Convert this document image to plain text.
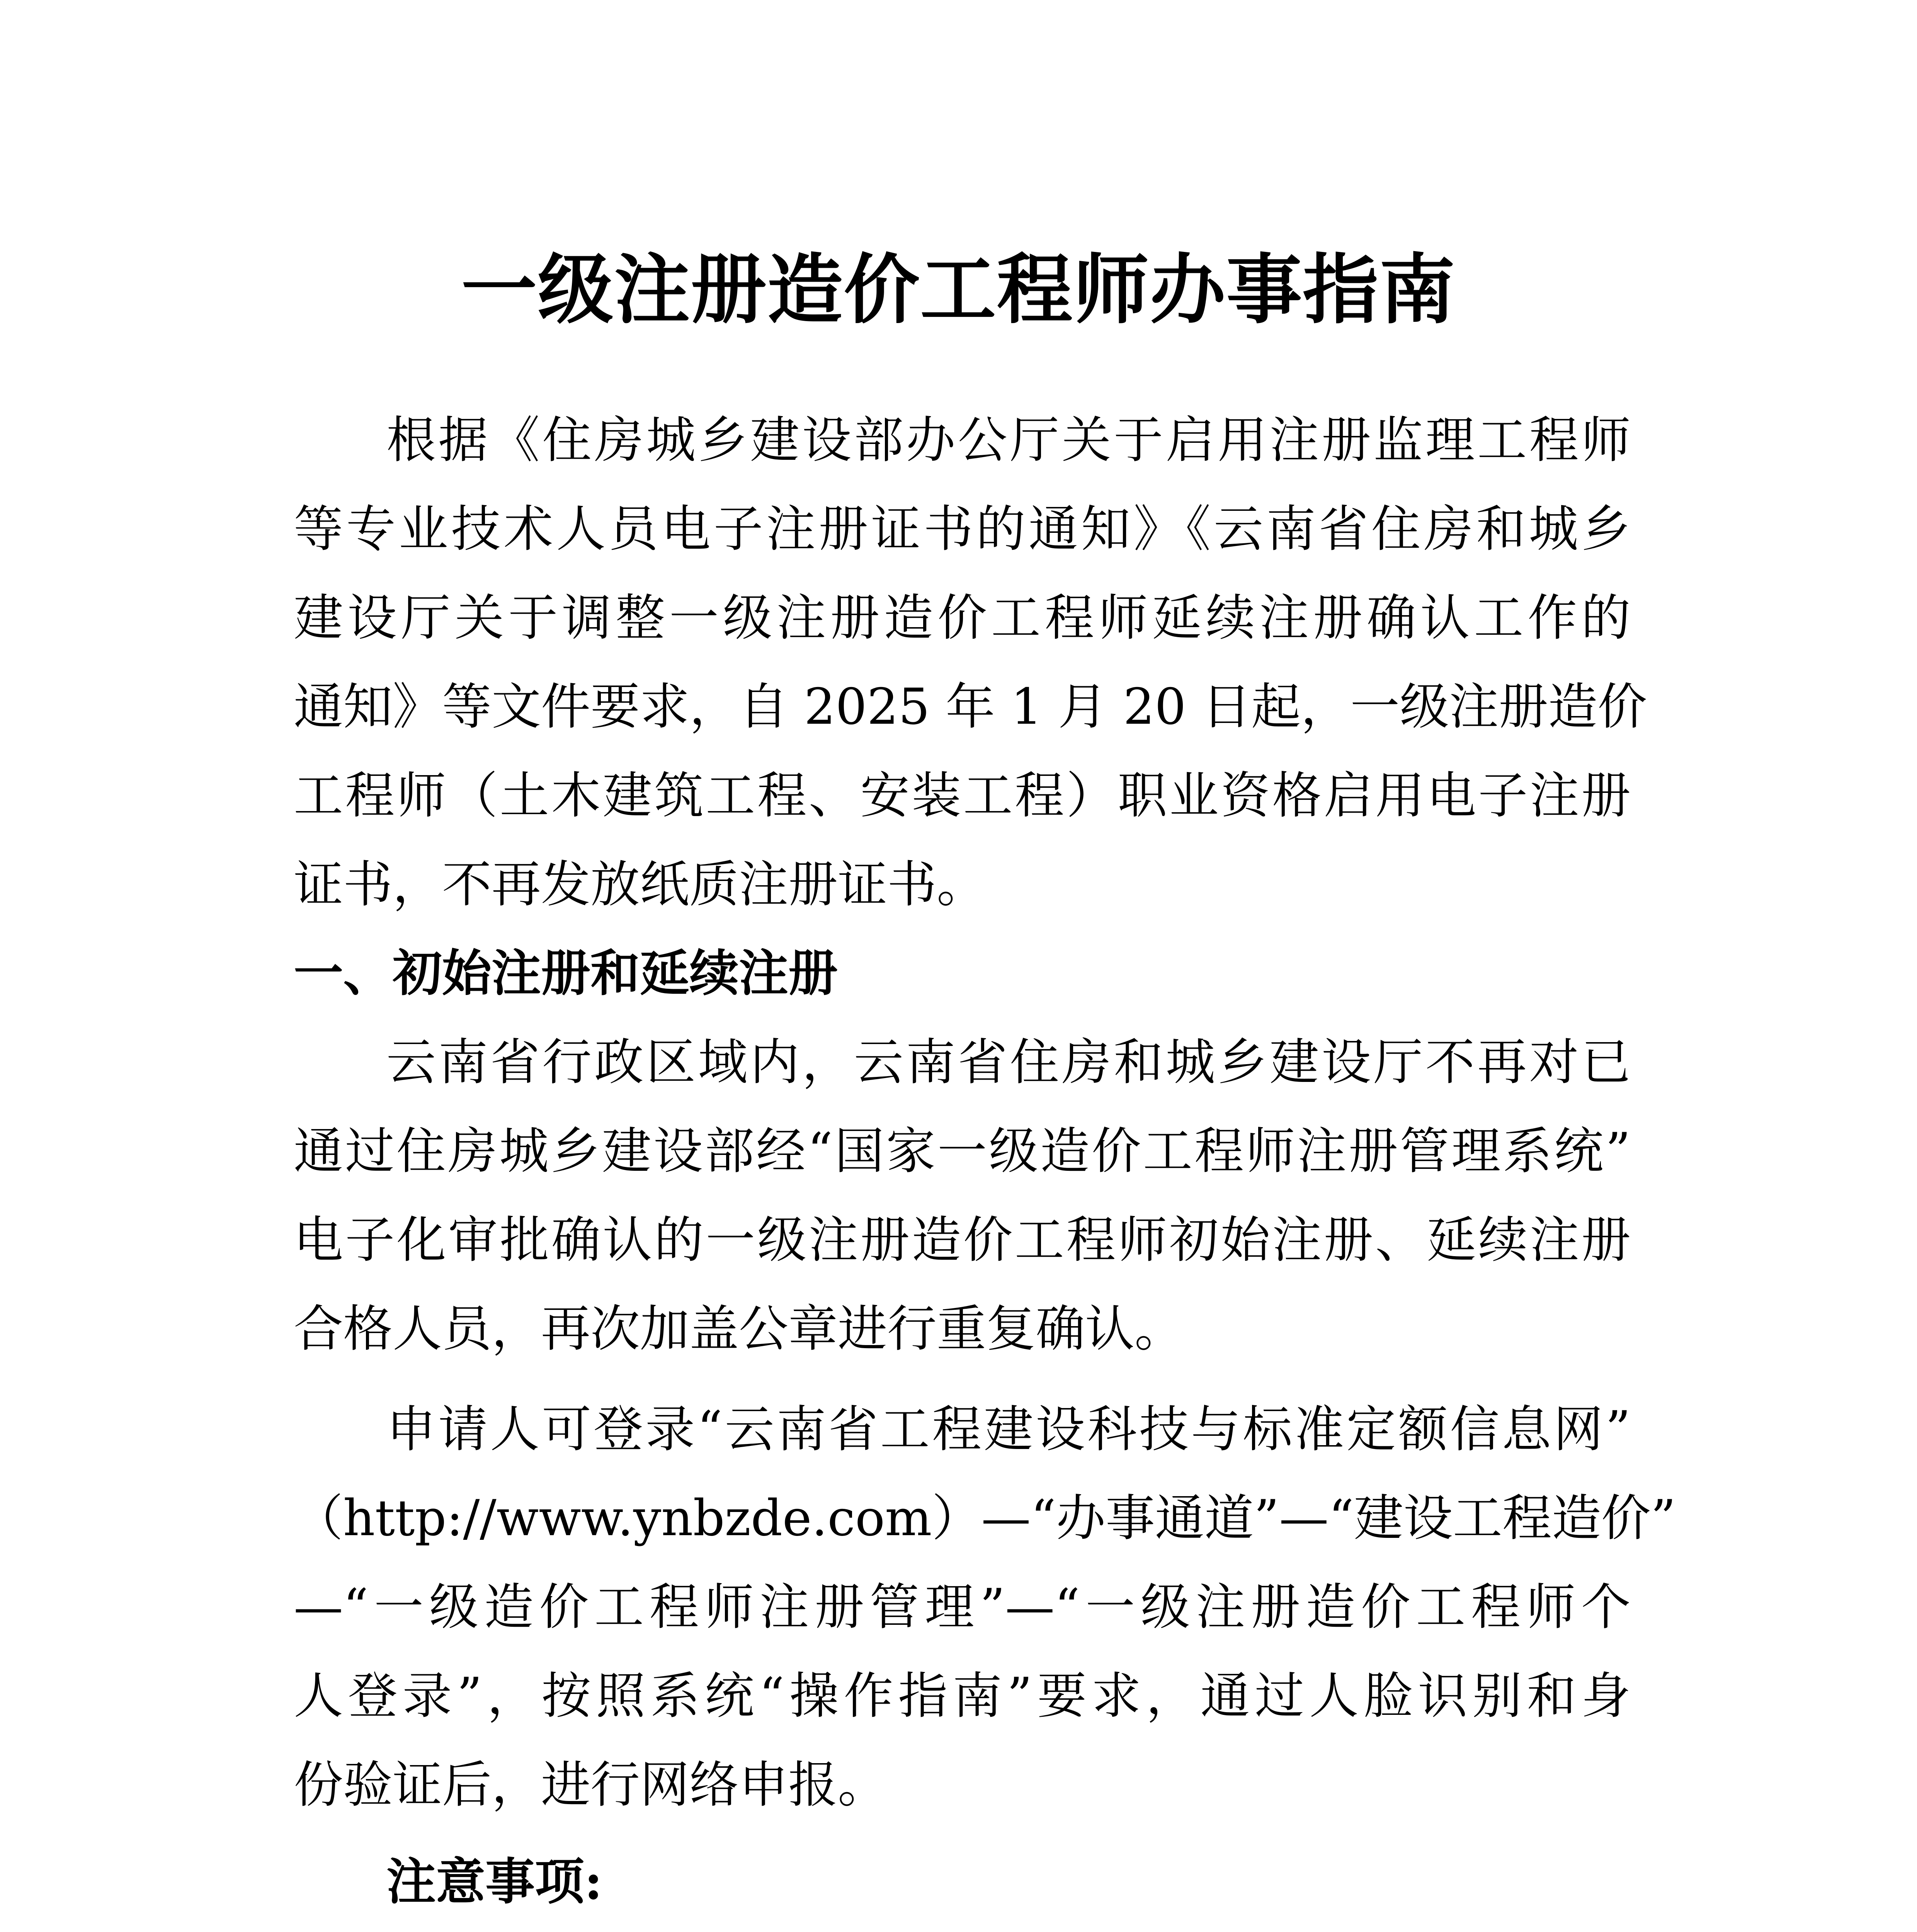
一级注册造价工程师办事指南
根据《住房城乡建设部办公厅关于启用注册监理工程师
等专业技术人员电子注册证书的通知》《云南省住房和城乡
建设厅关于调整一级注册造价工程师延续注册确认工作的
通知》等文件要求，自 2025 年 1 月 20 日起，一级注册造价
工程师（土木建筑工程、安装工程）职业资格启用电子注册
证书，不再发放纸质注册证书。
一、初始注册和延续注册
云南省行政区域内，云南省住房和城乡建设厅不再对已
通过住房城乡建设部经“国家一级造价工程师注册管理系统”
电子化审批确认的一级注册造价工程师初始注册、延续注册
合格人员，再次加盖公章进行重复确认。
申请人可登录“云南省工程建设科技与标准定额信息网”
（http://www.ynbzde.com）—“办事通道”—“建设工程造价”
—“一级造价工程师注册管理”—“一级注册造价工程师个
人登录”，按照系统“操作指南”要求，通过人脸识别和身
份验证后，进行网络申报。
注意事项:
